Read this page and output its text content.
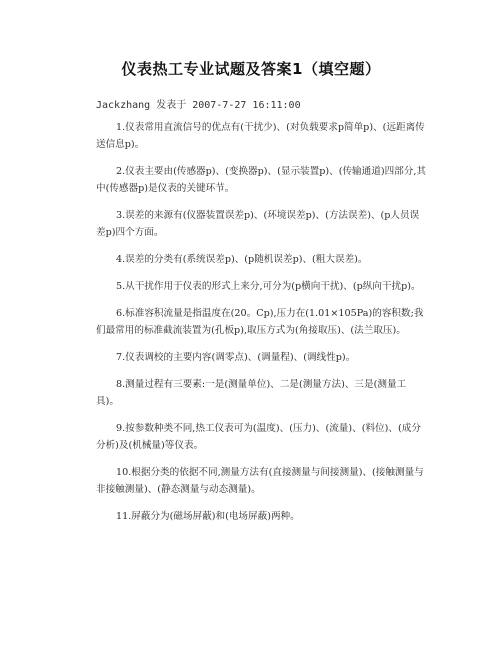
仪表热工专业试题及答案1（填空题）
Jackzhang 发表于 2007-7-27 16:11:00
1.仪表常用直流信号的优点有(干扰少)、(对负载要求p简单p)、(远距离传送信息p)。
2.仪表主要由(传感器p)、(变换器p)、(显示装置p)、(传输通道)四部分,其中(传感器p)是仪表的关键环节。
3.误差的来源有(仪器装置误差p)、(环境误差p)、(方法误差)、(p人员误差p)四个方面。
4.误差的分类有(系统误差p)、(p随机误差p)、(粗大误差)。
5.从干扰作用于仪表的形式上来分,可分为(p横向干扰)、(p纵向干扰p)。
6.标准容积流量是指温度在(20。Cp),压力在(1.01×105Pa)的容积数;我们最常用的标准截流装置为(孔板p),取压方式为(角接取压)、(法兰取压)。
7.仪表调校的主要内容(调零点)、(调量程)、(调线性p)。
8.测量过程有三要素:一是(测量单位)、二是(测量方法)、三是(测量工具)。
9.按参数种类不同,热工仪表可为(温度)、(压力)、(流量)、(料位)、(成分分析)及(机械量)等仪表。
10.根据分类的依据不同,测量方法有(直接测量与间接测量)、(接触测量与非接触测量)、(静态测量与动态测量)。
11.屏蔽分为(磁场屏蔽)和(电场屏蔽)两种。
